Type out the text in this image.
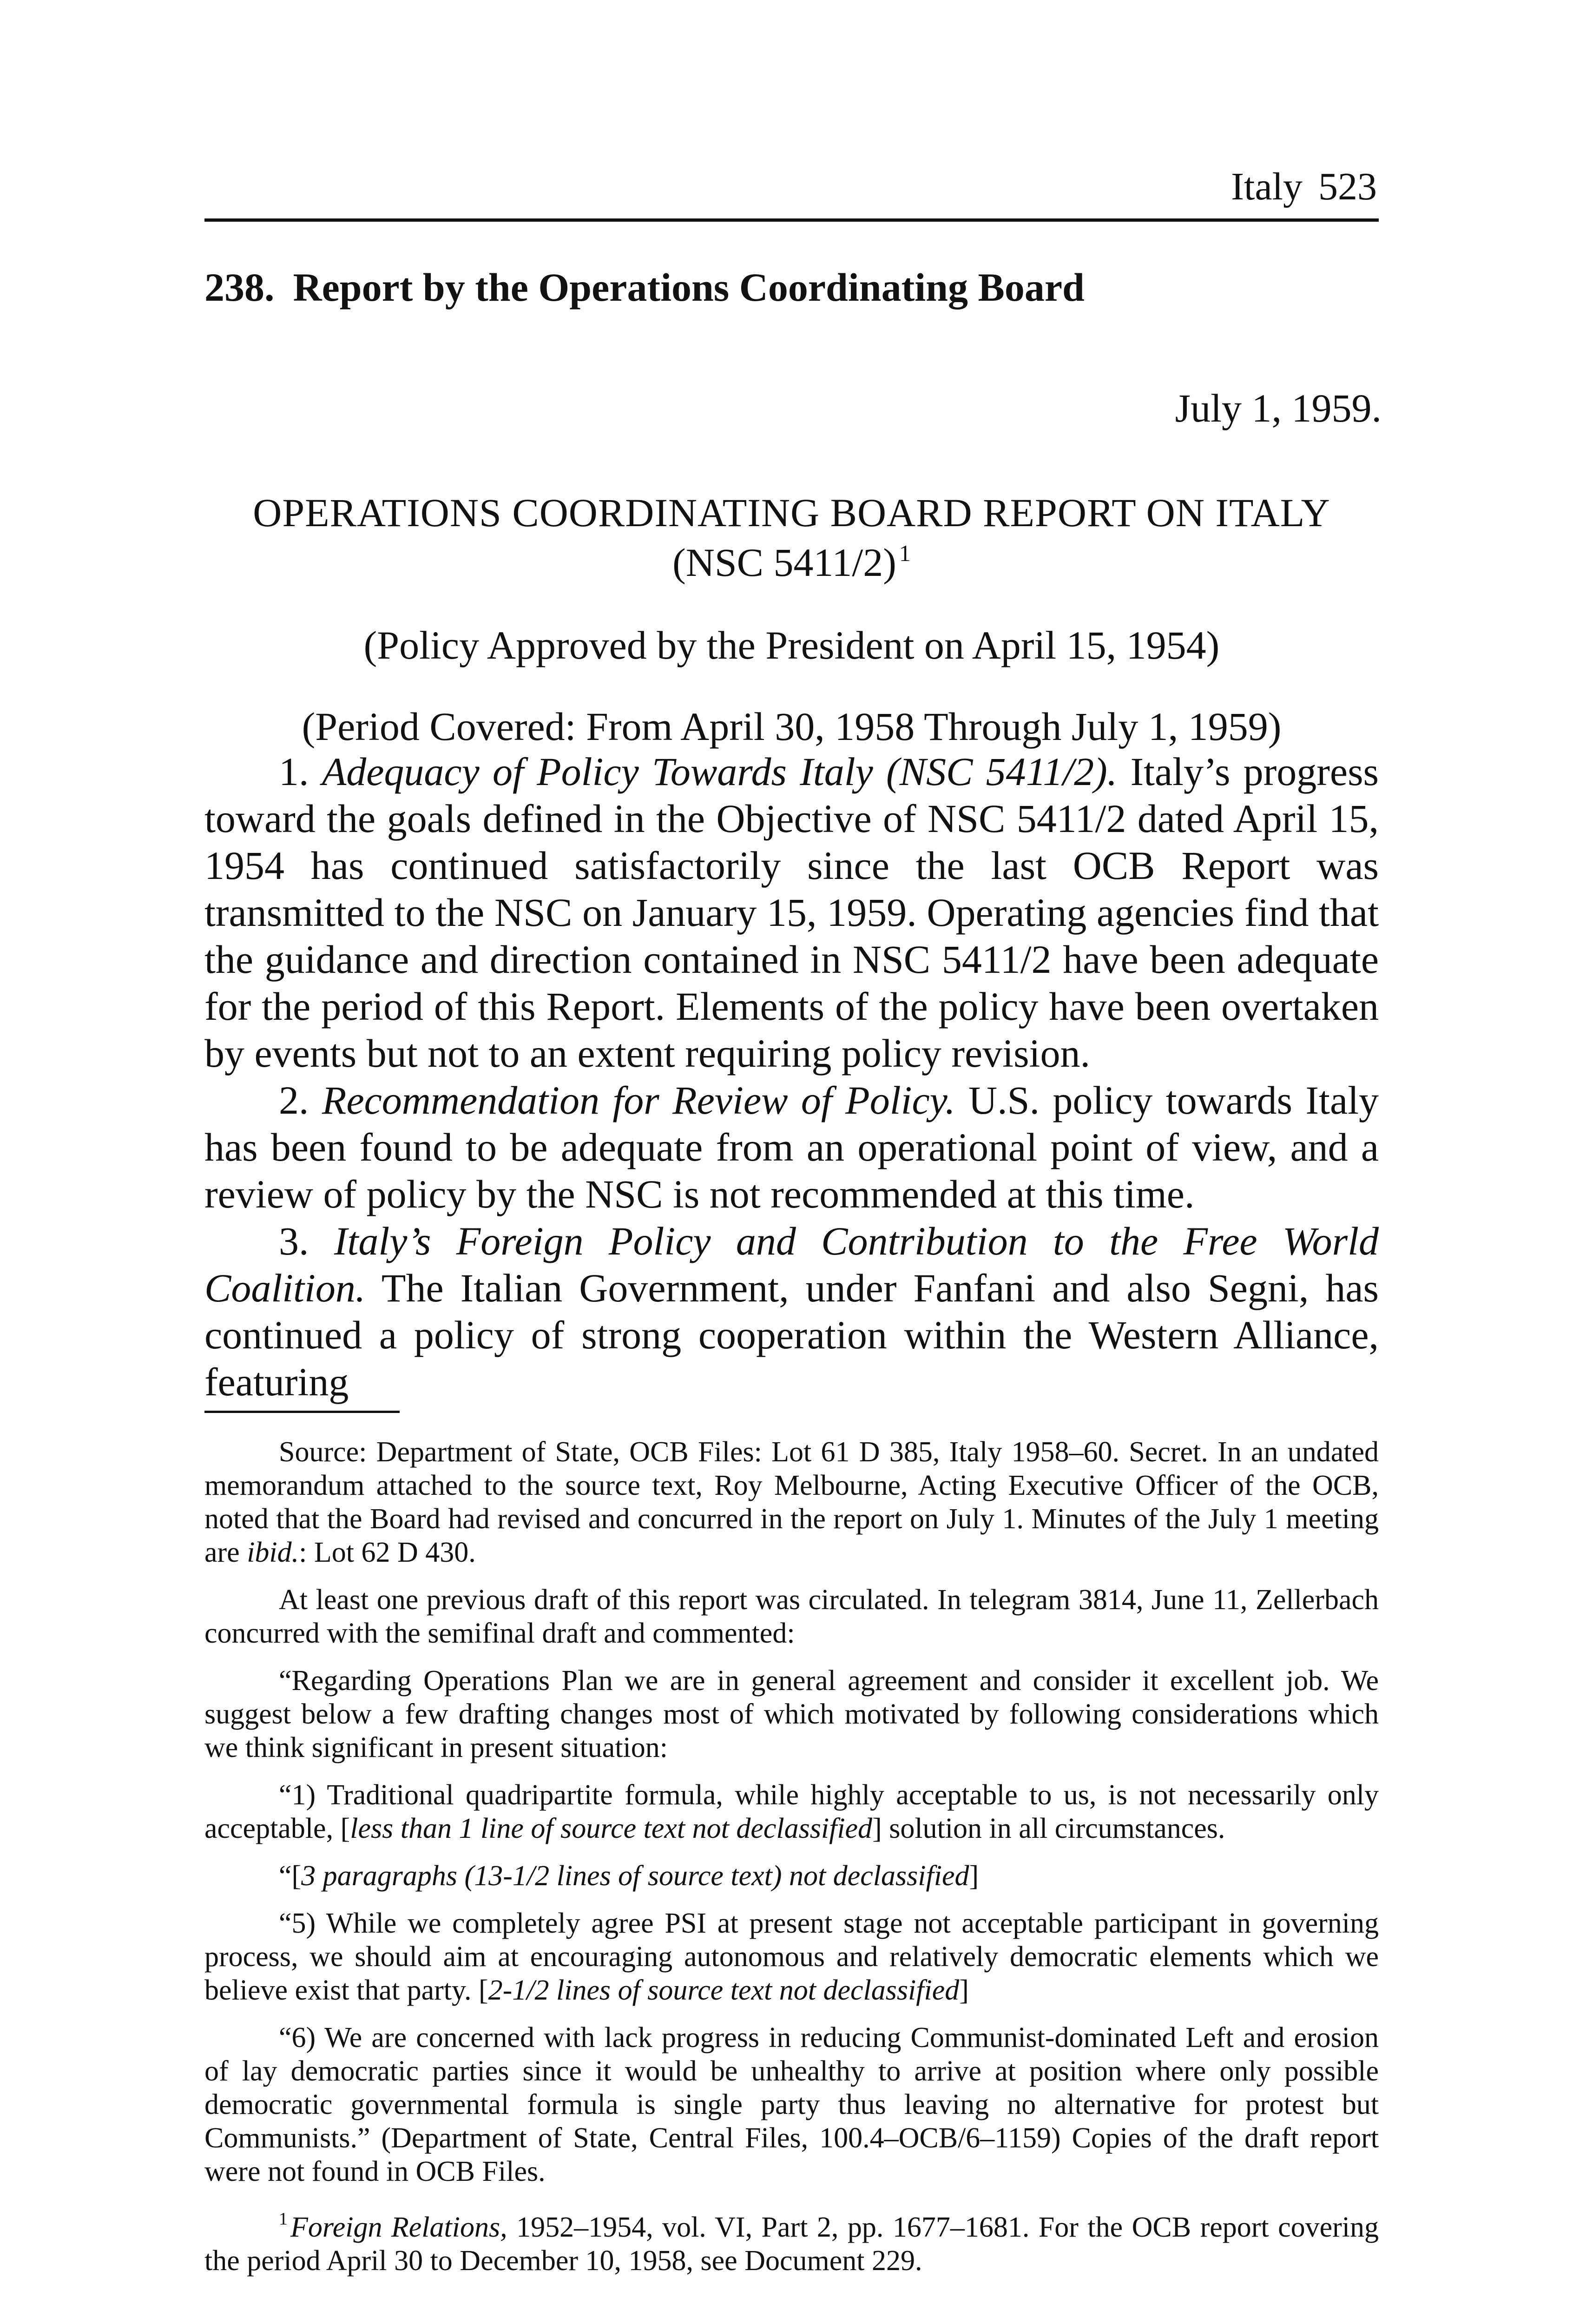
Italy 523
238. Report by the Operations Coordinating Board
July 1, 1959.
OPERATIONS COORDINATING BOARD REPORT ON ITALY
(NSC 5411/2) $^1$
(Policy Approved by the President on April 15, 1954)
(Period Covered: From April 30, 1958 Through July 1, 1959)

1. Adequacy of Policy Towards Italy (NSC 5411/2). Italy’s progress toward the goals defined in the Objective of NSC 5411/2 dated April 15, 1954 has continued satisfactorily since the last OCB Report was transmitted to the NSC on January 15, 1959. Operating agencies find that the guidance and direction contained in NSC 5411/2 have been adequate for the period of this Report. Elements of the policy have been overtaken by events but not to an extent requiring policy revision.

2. Recommendation for Review of Policy. U.S. policy towards Italy has been found to be adequate from an operational point of view, and a review of policy by the NSC is not recommended at this time.

3. Italy’s Foreign Policy and Contribution to the Free World Coalition. The Italian Government, under Fanfani and also Segni, has continued a policy of strong cooperation within the Western Alliance, featuring

Source: Department of State, OCB Files: Lot 61 D 385, Italy 1958–60. Secret. In an undated memorandum attached to the source text, Roy Melbourne, Acting Executive Officer of the OCB, noted that the Board had revised and concurred in the report on July 1. Minutes of the July 1 meeting are ibid.: Lot 62 D 430.

At least one previous draft of this report was circulated. In telegram 3814, June 11, Zellerbach concurred with the semifinal draft and commented:

“Regarding Operations Plan we are in general agreement and consider it excellent job. We suggest below a few drafting changes most of which motivated by following considerations which we think significant in present situation:

“1) Traditional quadripartite formula, while highly acceptable to us, is not necessarily only acceptable, [less than 1 line of source text not declassified] solution in all circumstances.

“[3 paragraphs (13-1/2 lines of source text) not declassified]

“5) While we completely agree PSI at present stage not acceptable participant in governing process, we should aim at encouraging autonomous and relatively democratic elements which we believe exist that party. [2-1/2 lines of source text not declassified]

“6) We are concerned with lack progress in reducing Communist-dominated Left and erosion of lay democratic parties since it would be unhealthy to arrive at position where only possible democratic governmental formula is single party thus leaving no alternative for protest but Communists.” (Department of State, Central Files, 100.4–OCB/6–1159) Copies of the draft report were not found in OCB Files.

$^1$Foreign Relations, 1952–1954, vol. VI, Part 2, pp. 1677–1681. For the OCB report covering the period April 30 to December 10, 1958, see Document 229.
